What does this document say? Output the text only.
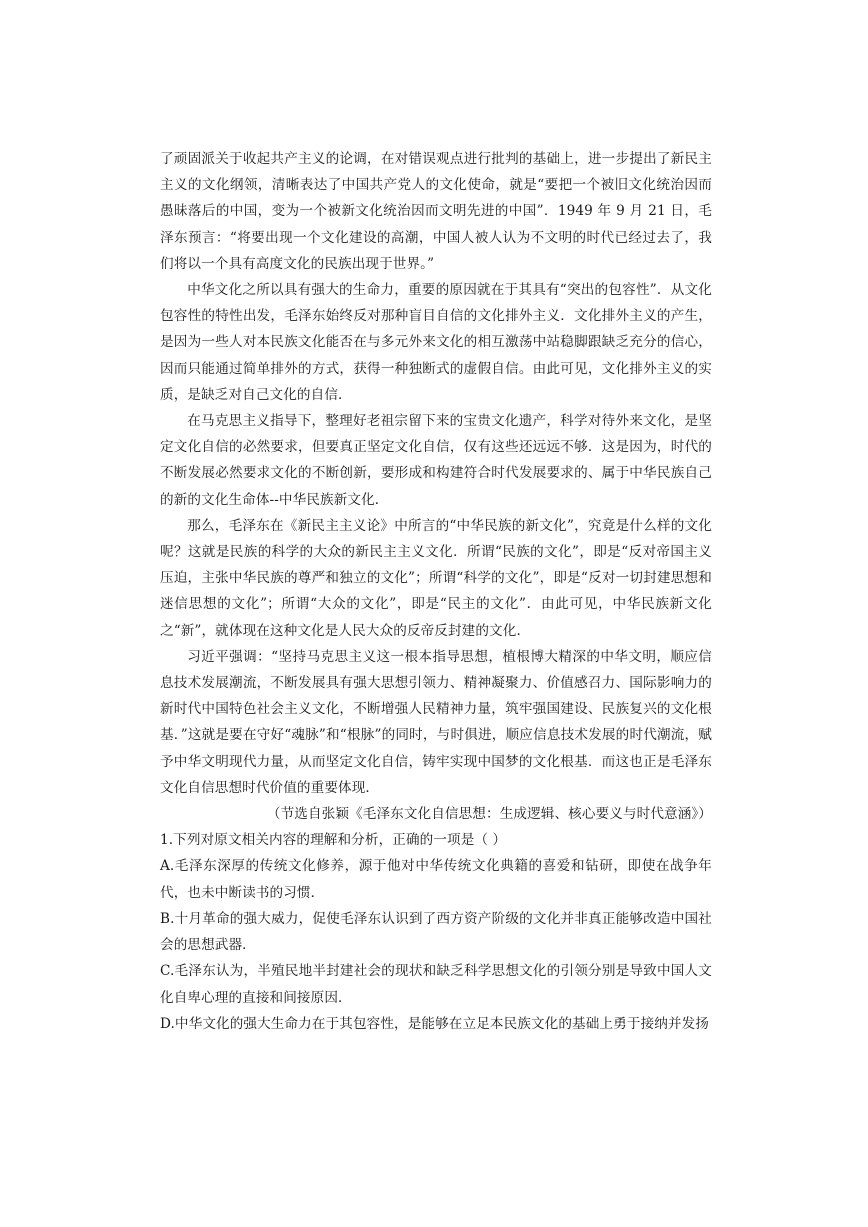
了顽固派关于收起共产主义的论调，在对错误观点进行批判的基础上，进一步提出了新民主主义的文化纲领，清晰表达了中国共产党人的文化使命，就是“要把一个被旧文化统治因而愚昧落后的中国，变为一个被新文化统治因而文明先进的中国”．1949 年 9 月 21 日，毛泽东预言：“将要出现一个文化建设的高潮，中国人被人认为不文明的时代已经过去了，我们将以一个具有高度文化的民族出现于世界。”

中华文化之所以具有强大的生命力，重要的原因就在于其具有“突出的包容性”．从文化包容性的特性出发，毛泽东始终反对那种盲目自信的文化排外主义．文化排外主义的产生，是因为一些人对本民族文化能否在与多元外来文化的相互激荡中站稳脚跟缺乏充分的信心，因而只能通过简单排外的方式，获得一种独断式的虚假自信。由此可见，文化排外主义的实质，是缺乏对自己文化的自信．

在马克思主义指导下，整理好老祖宗留下来的宝贵文化遗产，科学对待外来文化，是坚定文化自信的必然要求，但要真正坚定文化自信，仅有这些还远远不够．这是因为，时代的不断发展必然要求文化的不断创新，要形成和构建符合时代发展要求的、属于中华民族自己的新的文化生命体--中华民族新文化．

那么，毛泽东在《新民主主义论》中所言的“中华民族的新文化”，究竟是什么样的文化呢？这就是民族的科学的大众的新民主主义文化．所谓“民族的文化”，即是“反对帝国主义压迫，主张中华民族的尊严和独立的文化”；所谓“科学的文化”，即是“反对一切封建思想和迷信思想的文化”；所谓“大众的文化”，即是“民主的文化”．由此可见，中华民族新文化之“新”，就体现在这种文化是人民大众的反帝反封建的文化．

习近平强调：“坚持马克思主义这一根本指导思想，植根博大精深的中华文明，顺应信息技术发展潮流，不断发展具有强大思想引领力、精神凝聚力、价值感召力、国际影响力的新时代中国特色社会主义文化，不断增强人民精神力量，筑牢强国建设、民族复兴的文化根基．”这就是要在守好“魂脉”和“根脉”的同时，与时俱进，顺应信息技术发展的时代潮流，赋予中华文明现代力量，从而坚定文化自信，铸牢实现中国梦的文化根基．而这也正是毛泽东文化自信思想时代价值的重要体现．

（节选自张颖《毛泽东文化自信思想：生成逻辑、核心要义与时代意涵》）

1.下列对原文相关内容的理解和分析，正确的一项是（ ）

A.毛泽东深厚的传统文化修养，源于他对中华传统文化典籍的喜爱和钻研，即使在战争年代，也未中断读书的习惯．

B.十月革命的强大威力，促使毛泽东认识到了西方资产阶级的文化并非真正能够改造中国社会的思想武器．

C.毛泽东认为，半殖民地半封建社会的现状和缺乏科学思想文化的引领分别是导致中国人文化自卑心理的直接和间接原因．

D.中华文化的强大生命力在于其包容性，是能够在立足本民族文化的基础上勇于接纳并发扬
